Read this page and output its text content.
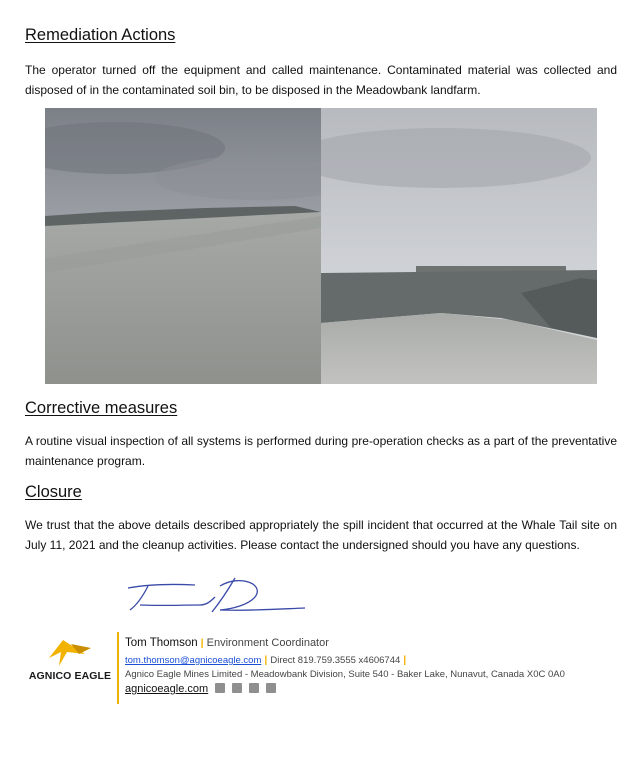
Remediation Actions

The operator turned off the equipment and called maintenance. Contaminated material was collected and disposed of in the contaminated soil bin, to be disposed in the Meadowbank landfarm.

Corrective measures

A routine visual inspection of all systems is performed during pre-operation checks as a part of the preventative maintenance program.

Closure

We trust that the above details described appropriately the spill incident that occurred at the Whale Tail site on July 11, 2021 and the cleanup activities. Please contact the undersigned should you have any questions.

AGNICO EAGLE
Tom Thomson | Environment Coordinator
tom.thomson@agnicoeagle.com | Direct 819.759.3555 x4606744 |
Agnico Eagle Mines Limited - Meadowbank Division, Suite 540 - Baker Lake, Nunavut, Canada X0C 0A0
agnicoeagle.com
